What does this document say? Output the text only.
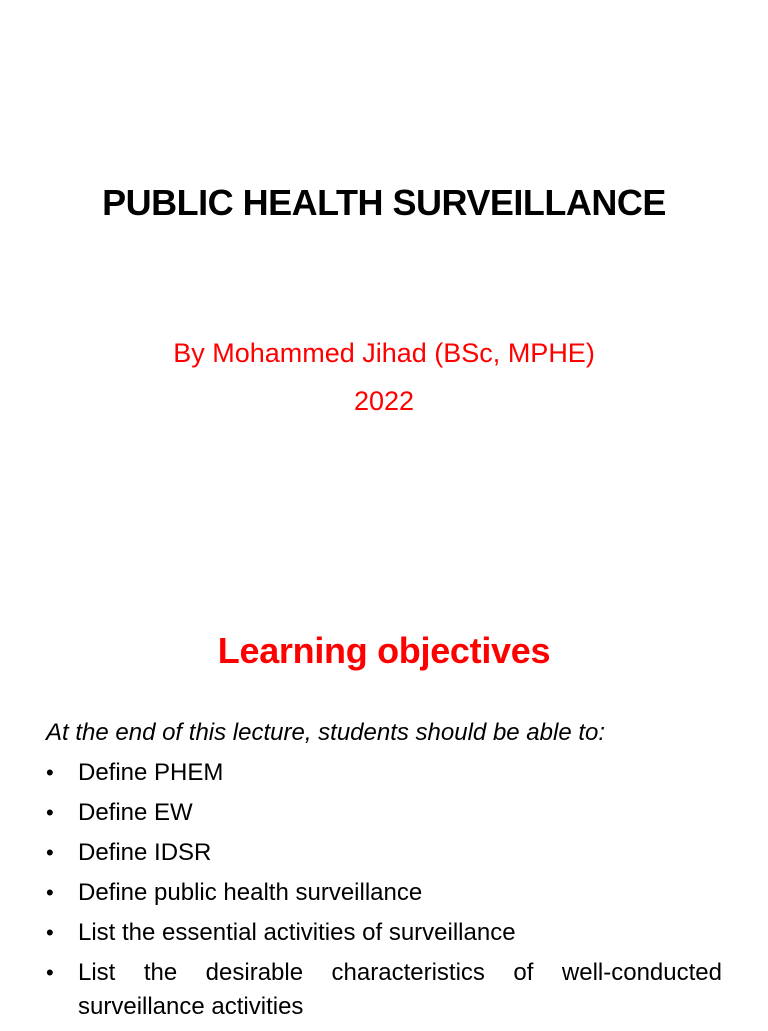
PUBLIC HEALTH SURVEILLANCE
By Mohammed Jihad (BSc, MPHE)
2022
Learning objectives
At the end of this lecture, students should be able to:
•	Define PHEM
•	Define EW
•	Define IDSR
•	Define public health surveillance
•	List the essential activities of surveillance
•	List the desirable characteristics of well-conducted surveillance activities
